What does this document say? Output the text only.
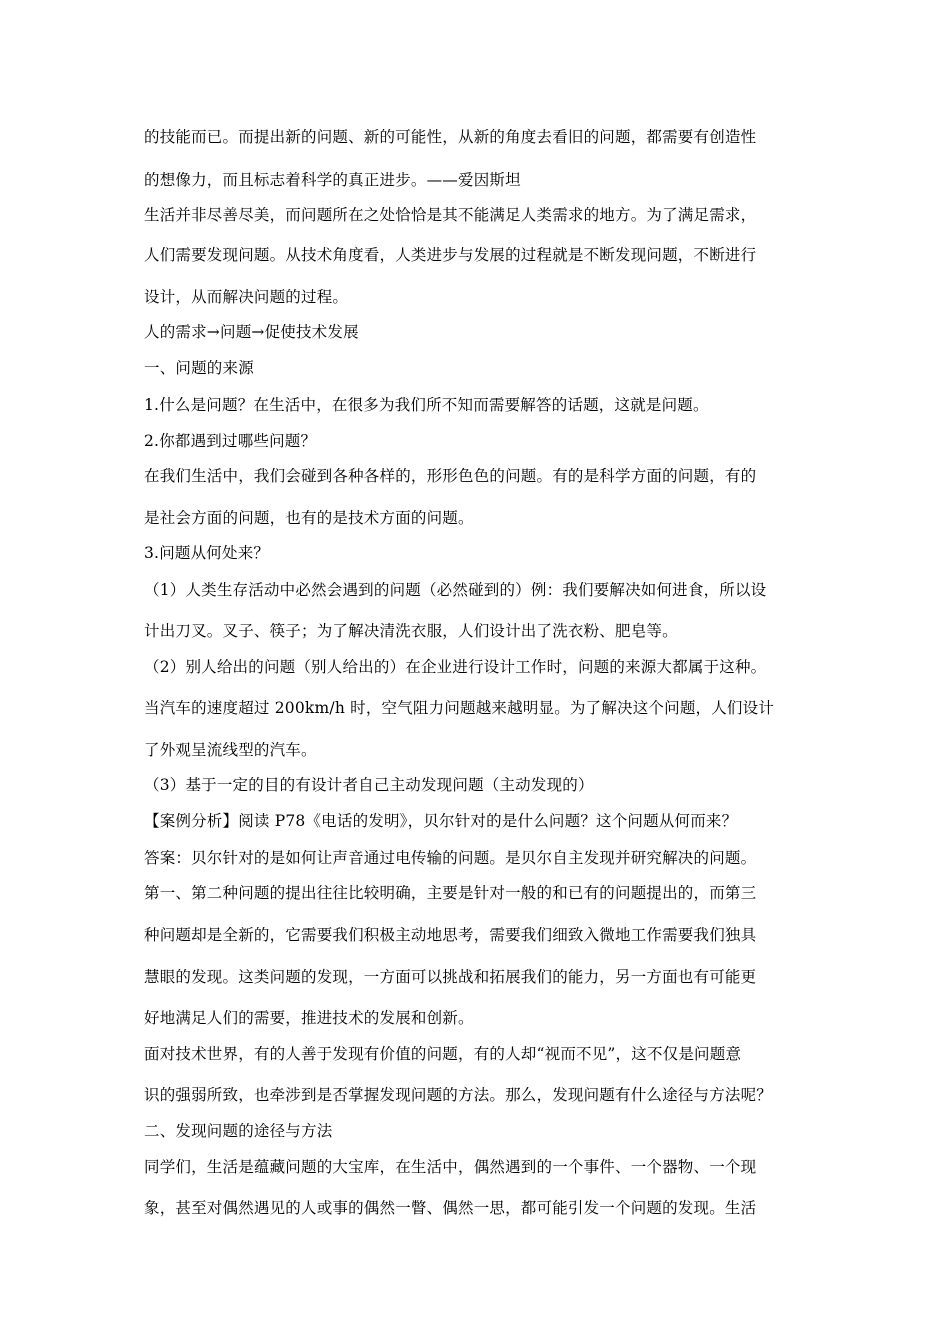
的技能而已。而提出新的问题、新的可能性，从新的角度去看旧的问题，都需要有创造性
的想像力，而且标志着科学的真正进步。——爱因斯坦
生活并非尽善尽美，而问题所在之处恰恰是其不能满足人类需求的地方。为了满足需求，
人们需要发现问题。从技术角度看，人类进步与发展的过程就是不断发现问题，不断进行
设计，从而解决问题的过程。
人的需求→问题→促使技术发展
一、问题的来源
1.什么是问题？在生活中，在很多为我们所不知而需要解答的话题，这就是问题。
2.你都遇到过哪些问题？
在我们生活中，我们会碰到各种各样的，形形色色的问题。有的是科学方面的问题，有的
是社会方面的问题，也有的是技术方面的问题。
3.问题从何处来？
（1）人类生存活动中必然会遇到的问题（必然碰到的）例：我们要解决如何进食，所以设
计出刀叉。叉子、筷子；为了解决清洗衣服，人们设计出了洗衣粉、肥皂等。
（2）别人给出的问题（别人给出的）在企业进行设计工作时，问题的来源大都属于这种。
当汽车的速度超过 200km/h 时，空气阻力问题越来越明显。为了解决这个问题，人们设计
了外观呈流线型的汽车。
（3）基于一定的目的有设计者自己主动发现问题（主动发现的）
【案例分析】阅读 P78《电话的发明》，贝尔针对的是什么问题？这个问题从何而来？
答案：贝尔针对的是如何让声音通过电传输的问题。是贝尔自主发现并研究解决的问题。
第一、第二种问题的提出往往比较明确，主要是针对一般的和已有的问题提出的，而第三
种问题却是全新的，它需要我们积极主动地思考，需要我们细致入微地工作需要我们独具
慧眼的发现。这类问题的发现，一方面可以挑战和拓展我们的能力，另一方面也有可能更
好地满足人们的需要，推进技术的发展和创新。
面对技术世界，有的人善于发现有价值的问题，有的人却“视而不见”，这不仅是问题意
识的强弱所致，也牵涉到是否掌握发现问题的方法。那么，发现问题有什么途径与方法呢？
二、发现问题的途径与方法
同学们，生活是蕴藏问题的大宝库，在生活中，偶然遇到的一个事件、一个器物、一个现
象，甚至对偶然遇见的人或事的偶然一瞥、偶然一思，都可能引发一个问题的发现。生活
